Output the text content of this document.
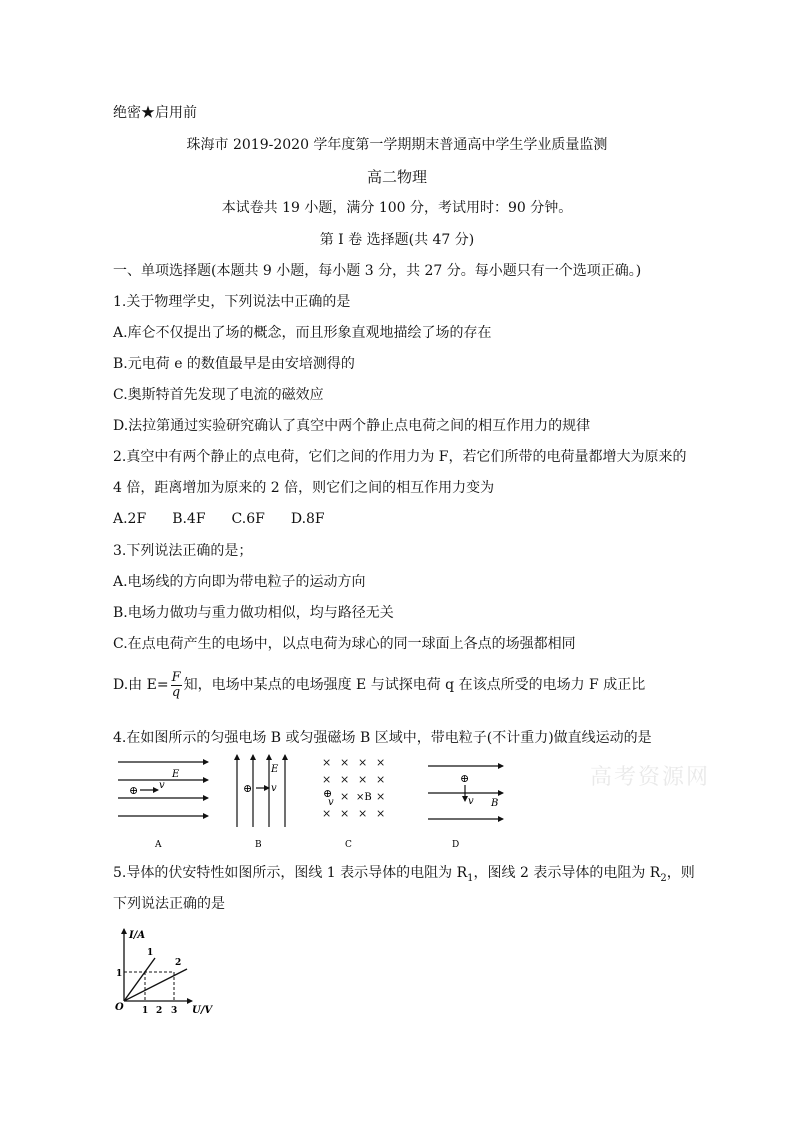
绝密★启用前
珠海市 2019-2020 学年度第一学期期末普通高中学生学业质量监测
高二物理
本试卷共 19 小题，满分 100 分，考试用时：90 分钟。
第 I 卷 选择题(共 47 分)
一、单项选择题(本题共 9 小题，每小题 3 分，共 27 分。每小题只有一个选项正确。)
1.关于物理学史，下列说法中正确的是
A.库仑不仅提出了场的概念，而且形象直观地描绘了场的存在
B.元电荷 e 的数值最早是由安培测得的
C.奥斯特首先发现了电流的磁效应
D.法拉第通过实验研究确认了真空中两个静止点电荷之间的相互作用力的规律
2.真空中有两个静止的点电荷，它们之间的作用力为 F，若它们所带的电荷量都增大为原来的
4 倍，距离增加为原来的 2 倍，则它们之间的相互作用力变为
A.2F B.4F C.6F D.8F
3.下列说法正确的是；
A.电场线的方向即为带电粒子的运动方向
B.电场力做功与重力做功相似，均与路径无关
C.在点电荷产生的电场中，以点电荷为球心的同一球面上各点的场强都相同
D.由 $E= \frac{F}{q}$ 知，电场中某点的电场强度 E 与试探电荷 q 在该点所受的电场力 F 成正比
4.在如图所示的匀强电场 B 或匀强磁场 B 区域中，带电粒子(不计重力)做直线运动的是
高考资源网
E
⊕ v
A
E
⊕ v
B
× × × ×
× × × ×
× ×
× × × ×
⊕
v ×B
C
⊕
v B
D
5.导体的伏安特性如图所示，图线 1 表示导体的电阻为 $R_1$，图线 2 表示导体的电阻为 $R_2$，则
下列说法正确的是
I/A
U/V
O
1
1 2 3
1
2
